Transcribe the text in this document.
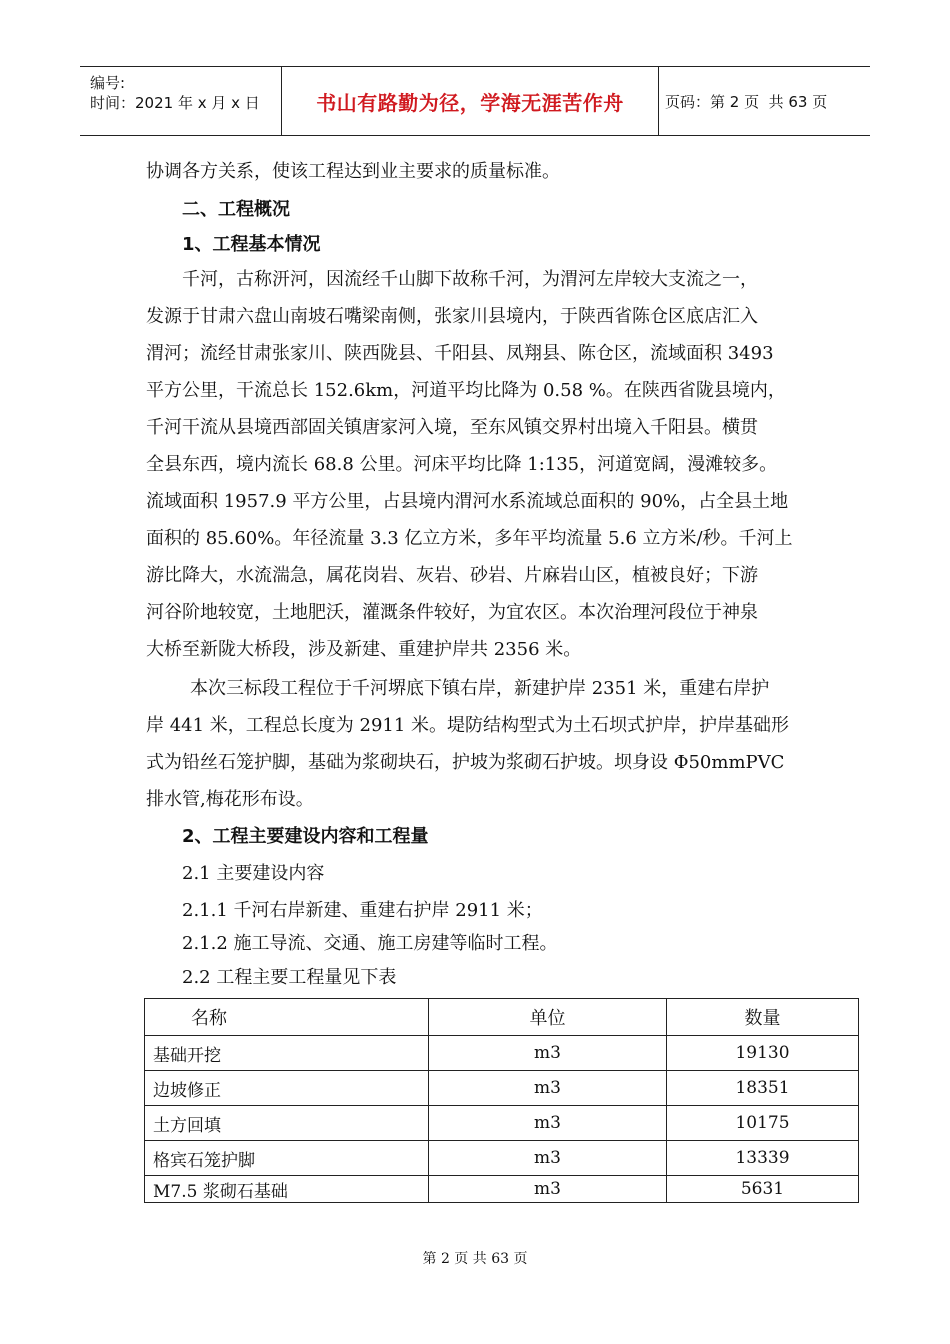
编号:
时间：2021 年 x 月 x 日	书山有路勤为径，学海无涯苦作舟	页码：第 2 页  共 63 页
协调各方关系，使该工程达到业主要求的质量标准。
二、工程概况
1、工程基本情况
千河，古称汧河，因流经千山脚下故称千河，为渭河左岸较大支流之一，
发源于甘肃六盘山南坡石嘴梁南侧，张家川县境内，于陕西省陈仓区底店汇入
渭河；流经甘肃张家川、陕西陇县、千阳县、凤翔县、陈仓区，流域面积 3493
平方公里，干流总长 152.6km，河道平均比降为 0.58 %。在陕西省陇县境内，
千河干流从县境西部固关镇唐家河入境，至东风镇交界村出境入千阳县。横贯
全县东西，境内流长 68.8 公里。河床平均比降 1:135，河道宽阔，漫滩较多。
流域面积 1957.9 平方公里，占县境内渭河水系流域总面积的 90%，占全县土地
面积的 85.60%。年径流量 3.3 亿立方米，多年平均流量 5.6 立方米/秒。千河上
游比降大，水流湍急，属花岗岩、灰岩、砂岩、片麻岩山区，植被良好；下游
河谷阶地较宽，土地肥沃，灌溉条件较好，为宜农区。本次治理河段位于神泉
大桥至新陇大桥段，涉及新建、重建护岸共 2356 米。
本次三标段工程位于千河堺底下镇右岸，新建护岸 2351 米，重建右岸护
岸 441 米，工程总长度为 2911 米。堤防结构型式为土石坝式护岸，护岸基础形
式为铅丝石笼护脚，基础为浆砌块石，护坡为浆砌石护坡。坝身设 Φ50mmPVC
排水管,梅花形布设。
2、工程主要建设内容和工程量
2.1 主要建设内容
2.1.1 千河右岸新建、重建右护岸 2911 米；
2.1.2 施工导流、交通、施工房建等临时工程。
2.2 工程主要工程量见下表
名称	单位	数量
基础开挖	m3	19130
边坡修正	m3	18351
土方回填	m3	10175
格宾石笼护脚	m3	13339
M7.5 浆砌石基础	m3	5631
第 2 页 共 63 页
